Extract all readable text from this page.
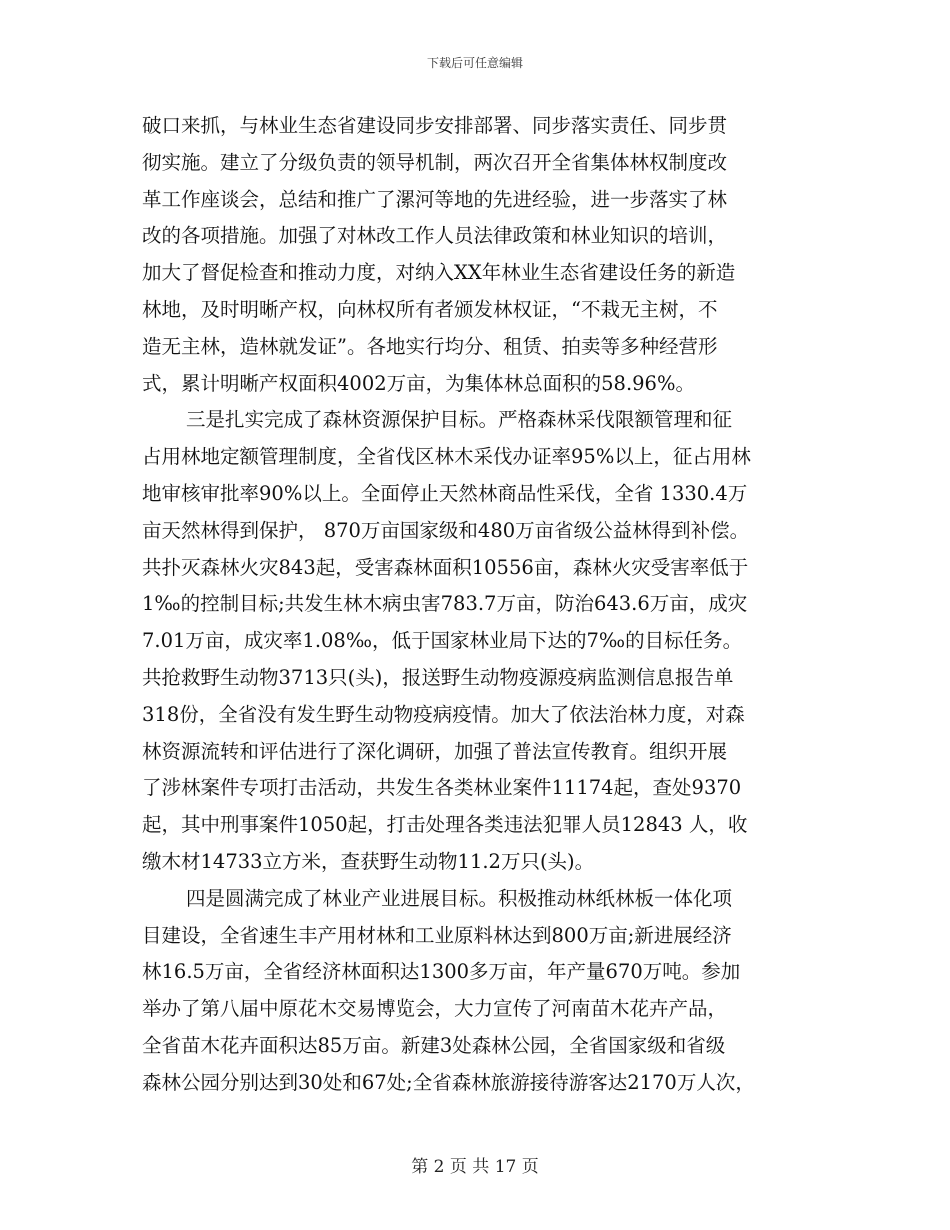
下载后可任意编辑
破口来抓，与林业生态省建设同步安排部署、同步落实责任、同步贯
彻实施。建立了分级负责的领导机制，两次召开全省集体林权制度改
革工作座谈会，总结和推广了漯河等地的先进经验，进一步落实了林
改的各项措施。加强了对林改工作人员法律政策和林业知识的培训，
加大了督促检查和推动力度，对纳入XX年林业生态省建设任务的新造
林地，及时明晰产权，向林权所有者颁发林权证，“不栽无主树，不
造无主林，造林就发证”。各地实行均分、租赁、拍卖等多种经营形
式，累计明晰产权面积4002万亩，为集体林总面积的58.96%。
三是扎实完成了森林资源保护目标。严格森林采伐限额管理和征
占用林地定额管理制度，全省伐区林木采伐办证率95%以上，征占用林
地审核审批率90%以上。全面停止天然林商品性采伐，全省 1330.4万
亩天然林得到保护， 870万亩国家级和480万亩省级公益林得到补偿。
共扑灭森林火灾843起，受害森林面积10556亩，森林火灾受害率低于
1‰的控制目标;共发生林木病虫害783.7万亩，防治643.6万亩，成灾
7.01万亩，成灾率1.08‰，低于国家林业局下达的7‰的目标任务。
共抢救野生动物3713只(头)，报送野生动物疫源疫病监测信息报告单
318份，全省没有发生野生动物疫病疫情。加大了依法治林力度，对森
林资源流转和评估进行了深化调研，加强了普法宣传教育。组织开展
了涉林案件专项打击活动，共发生各类林业案件11174起，查处9370
起，其中刑事案件1050起，打击处理各类违法犯罪人员12843 人，收
缴木材14733立方米，查获野生动物11.2万只(头)。
四是圆满完成了林业产业进展目标。积极推动林纸林板一体化项
目建设，全省速生丰产用材林和工业原料林达到800万亩;新进展经济
林16.5万亩，全省经济林面积达1300多万亩，年产量670万吨。参加
举办了第八届中原花木交易博览会，大力宣传了河南苗木花卉产品，
全省苗木花卉面积达85万亩。新建3处森林公园，全省国家级和省级
森林公园分别达到30处和67处;全省森林旅游接待游客达2170万人次，
第 2 页 共 17 页
